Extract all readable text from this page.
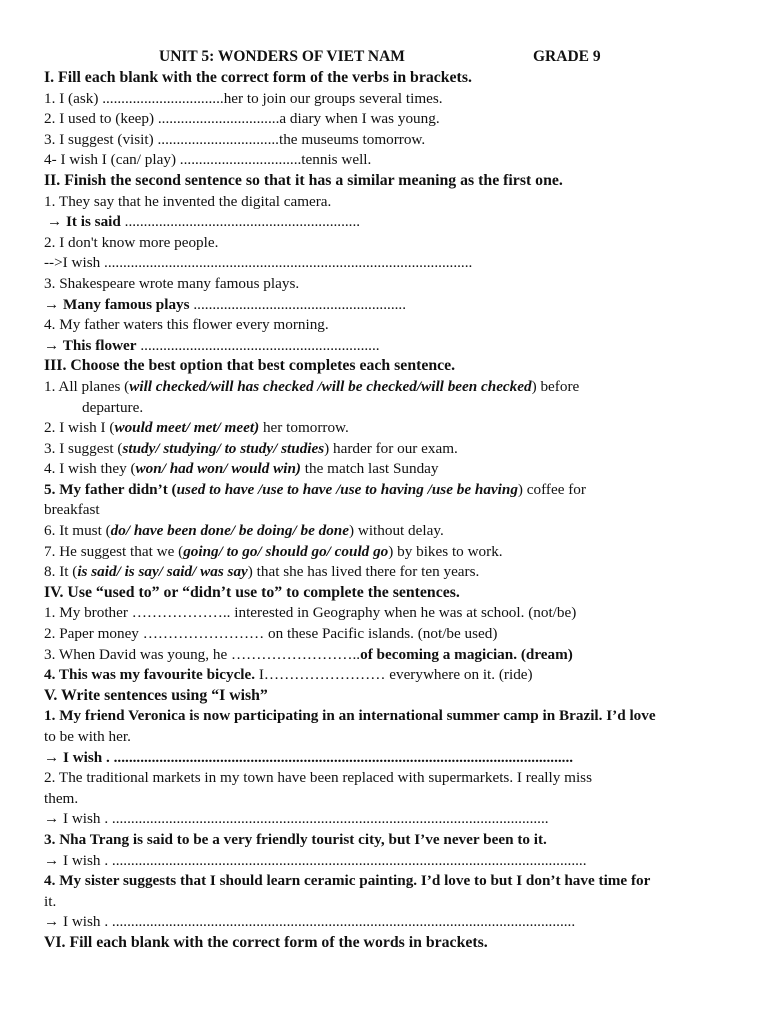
UNIT 5: WONDERS OF VIET NAM	GRADE 9
I. Fill each blank with the correct form of the verbs in brackets.
1. I (ask) ................................her to join our groups several times.
2. I used to (keep) ................................a diary when I was young.
3. I suggest (visit) ................................the museums tomorrow.
4- I wish I (can/ play) ................................tennis well.
II. Finish the second sentence so that it has a similar meaning as the first one.
1. They say that he invented the digital camera.
→ It is said ..............................................................
2. I don't know more people.
-->I wish .................................................................................................
3. Shakespeare wrote many famous plays.
→ Many famous plays ........................................................
4. My father waters this flower every morning.
→ This flower ...............................................................
III. Choose the best option that best completes each sentence.
1. All planes (will checked/will has checked /will be checked/will been checked) before
departure.
2. I wish I (would meet/ met/ meet) her tomorrow.
3. I suggest (study/ studying/ to study/ studies) harder for our exam.
4. I wish they (won/ had won/ would win) the match last Sunday
5. My father didn’t (used to have /use to have /use to having /use be having) coffee for
breakfast
6. It must (do/ have been done/ be doing/ be done) without delay.
7. He suggest that we (going/ to go/ should go/ could go) by bikes to work.
8. It (is said/ is say/ said/ was say) that she has lived there for ten years.
IV. Use “used to” or “didn’t use to” to complete the sentences.
1. My brother ……………….. interested in Geography when he was at school. (not/be)
2. Paper money …………………… on these Pacific islands. (not/be used)
3. When David was young, he ……………………..of becoming a magician. (dream)
4. This was my favourite bicycle. I…………………… everywhere on it. (ride)
V. Write sentences using “I wish”
1. My friend Veronica is now participating in an international summer camp in Brazil. I’d love
to be with her.
→ I wish . .........................................................................................................................
2. The traditional markets in my town have been replaced with supermarkets. I really miss
them.
→ I wish . ...................................................................................................................
3. Nha Trang is said to be a very friendly tourist city, but I’ve never been to it.
→ I wish . .............................................................................................................................
4. My sister suggests that I should learn ceramic painting. I’d love to but I don’t have time for
it.
→ I wish . ..........................................................................................................................
VI. Fill each blank with the correct form of the words in brackets.
